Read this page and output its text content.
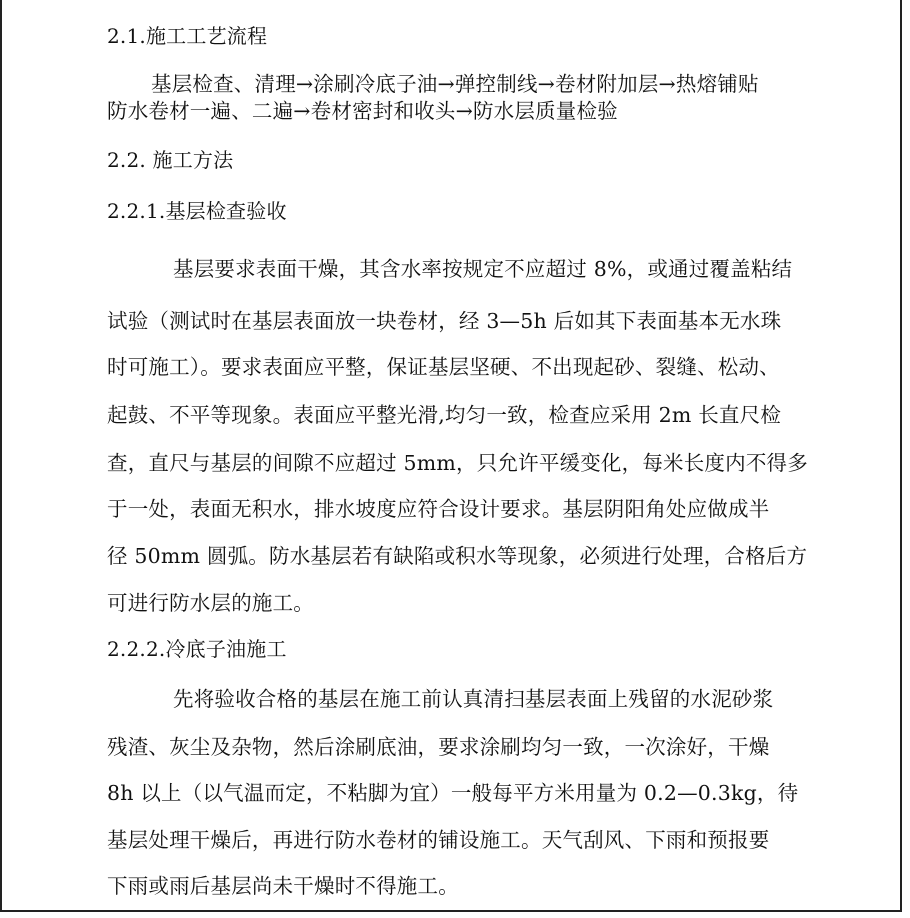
2.1.施工工艺流程
基层检查、清理→涂刷冷底子油→弹控制线→卷材附加层→热熔铺贴
防水卷材一遍、二遍→卷材密封和收头→防水层质量检验
2.2. 施工方法
2.2.1.基层检查验收
基层要求表面干燥，其含水率按规定不应超过 8%，或通过覆盖粘结
试验（测试时在基层表面放一块卷材，经 3—5h 后如其下表面基本无水珠
时可施工）。要求表面应平整，保证基层坚硬、不出现起砂、裂缝、松动、
起鼓、不平等现象。表面应平整光滑,均匀一致，检查应采用 2m 长直尺检
查，直尺与基层的间隙不应超过 5mm，只允许平缓变化，每米长度内不得多
于一处，表面无积水，排水坡度应符合设计要求。基层阴阳角处应做成半
径 50mm 圆弧。防水基层若有缺陷或积水等现象，必须进行处理，合格后方
可进行防水层的施工。
2.2.2.冷底子油施工
先将验收合格的基层在施工前认真清扫基层表面上残留的水泥砂浆
残渣、灰尘及杂物，然后涂刷底油，要求涂刷均匀一致，一次涂好，干燥
8h 以上（以气温而定，不粘脚为宜）一般每平方米用量为 0.2—0.3kg，待
基层处理干燥后，再进行防水卷材的铺设施工。天气刮风、下雨和预报要
下雨或雨后基层尚未干燥时不得施工。
